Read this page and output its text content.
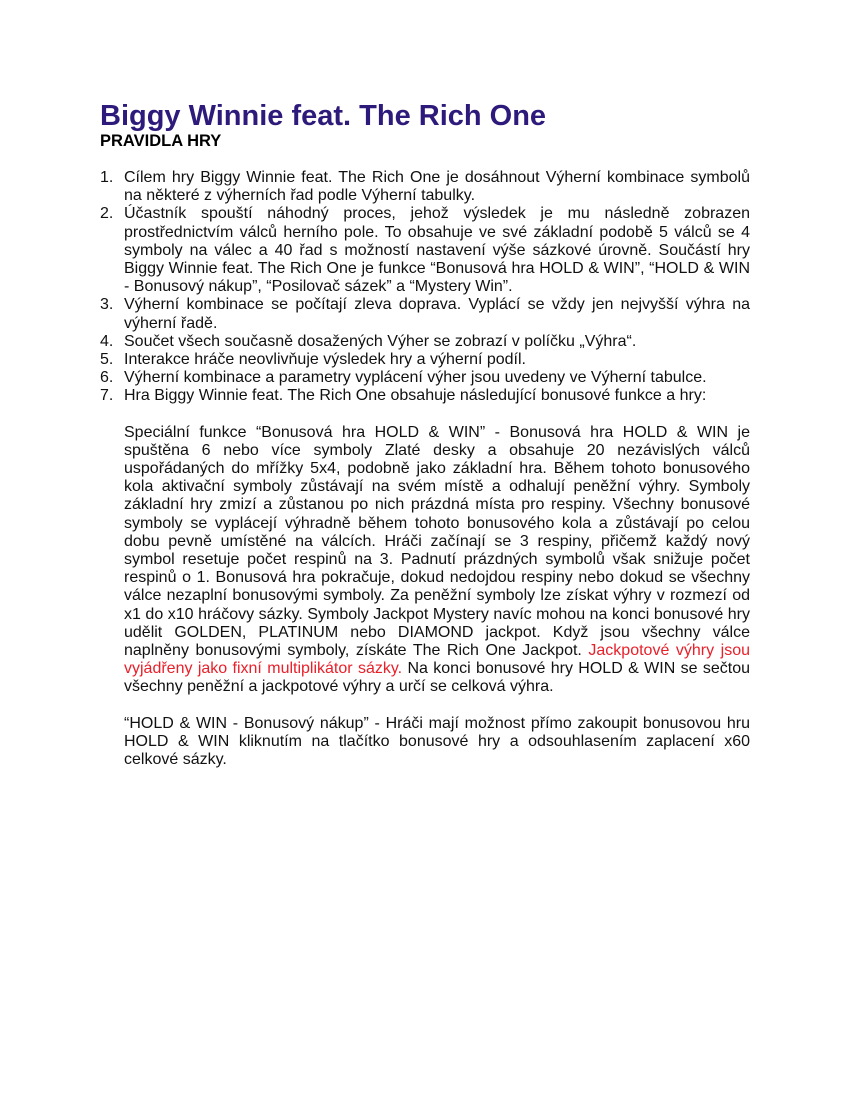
Biggy Winnie feat. The Rich One
PRAVIDLA HRY
1. Cílem hry Biggy Winnie feat. The Rich One je dosáhnout Výherní kombinace symbolů na některé z výherních řad podle Výherní tabulky.
2. Účastník spouští náhodný proces, jehož výsledek je mu následně zobrazen prostřednictvím válců herního pole. To obsahuje ve své základní podobě 5 válců se 4 symboly na válec a 40 řad s možností nastavení výše sázkové úrovně. Součástí hry Biggy Winnie feat. The Rich One je funkce “Bonusová hra HOLD & WIN”, “HOLD & WIN - Bonusový nákup”, “Posilovač sázek” a “Mystery Win”.
3. Výherní kombinace se počítají zleva doprava. Vyplácí se vždy jen nejvyšší výhra na výherní řadě.
4. Součet všech současně dosažených Výher se zobrazí v políčku „Výhra“.
5. Interakce hráče neovlivňuje výsledek hry a výherní podíl.
6. Výherní kombinace a parametry vyplácení výher jsou uvedeny ve Výherní tabulce.
7. Hra Biggy Winnie feat. The Rich One obsahuje následující bonusové funkce a hry:

Speciální funkce “Bonusová hra HOLD & WIN” - Bonusová hra HOLD & WIN je spuštěna 6 nebo více symboly Zlaté desky a obsahuje 20 nezávislých válců uspořádaných do mřížky 5x4, podobně jako základní hra. Během tohoto bonusového kola aktivační symboly zůstávají na svém místě a odhalují peněžní výhry. Symboly základní hry zmizí a zůstanou po nich prázdná místa pro respiny. Všechny bonusové symboly se vyplácejí výhradně během tohoto bonusového kola a zůstávají po celou dobu pevně umístěné na válcích. Hráči začínají se 3 respiny, přičemž každý nový symbol resetuje počet respinů na 3. Padnutí prázdných symbolů však snižuje počet respinů o 1. Bonusová hra pokračuje, dokud nedojdou respiny nebo dokud se všechny válce nezaplní bonusovými symboly. Za peněžní symboly lze získat výhry v rozmezí od x1 do x10 hráčovy sázky. Symboly Jackpot Mystery navíc mohou na konci bonusové hry udělit GOLDEN, PLATINUM nebo DIAMOND jackpot. Když jsou všechny válce naplněny bonusovými symboly, získáte The Rich One Jackpot. Jackpotové výhry jsou vyjádřeny jako fixní multiplikátor sázky. Na konci bonusové hry HOLD & WIN se sečtou všechny peněžní a jackpotové výhry a určí se celková výhra.

“HOLD & WIN - Bonusový nákup” - Hráči mají možnost přímo zakoupit bonusovou hru HOLD & WIN kliknutím na tlačítko bonusové hry a odsouhlasením zaplacení x60 celkové sázky.
